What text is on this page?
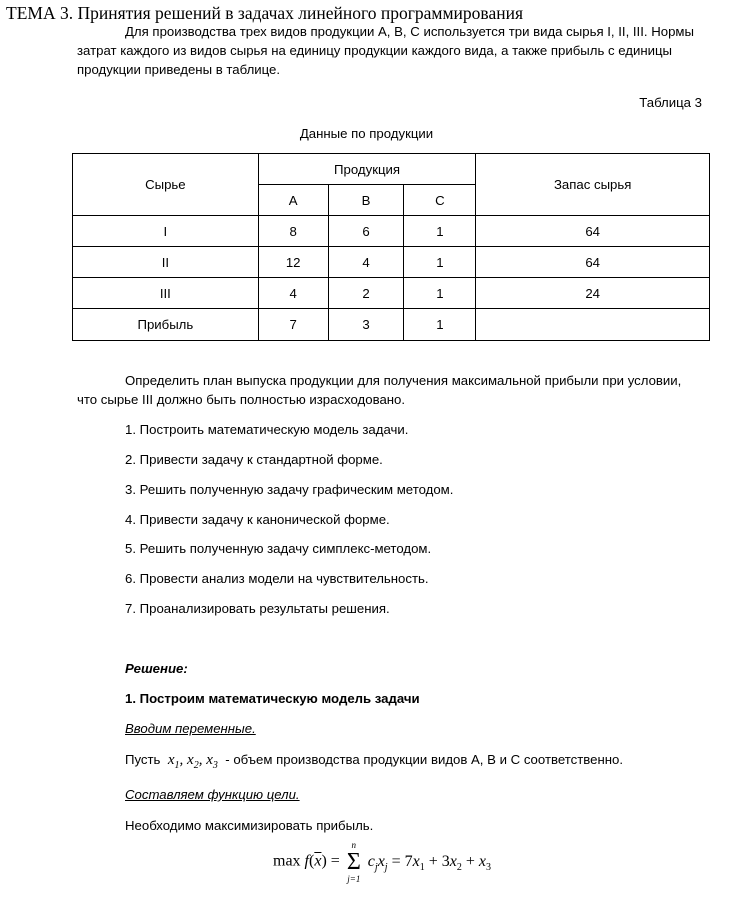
ТЕМА 3. Принятия решений в задачах линейного программирования
Для производства трех видов продукции A, B, C используется три вида сырья I, II, III. Нормы
затрат каждого из видов сырья на единицу продукции каждого вида, а также прибыль с единицы
продукции приведены в таблице.
Таблица 3
Данные по продукции
Сырье	Продукция			Запас сырья
	A	B	C	
I	8	6	1	64
II	12	4	1	64
III	4	2	1	24
Прибыль	7	3	1	
Определить план выпуска продукции для получения максимальной прибыли при условии,
что сырье III должно быть полностью израсходовано.
1. Построить математическую модель задачи.
2. Привести задачу к стандартной форме.
3. Решить полученную задачу графическим методом.
4. Привести задачу к канонической форме.
5. Решить полученную задачу симплекс-методом.
6. Провести анализ модели на чувствительность.
7. Проанализировать результаты решения.
Решение:
1. Построим математическую модель задачи
Вводим переменные.
Пусть  $x_1$, $x_2$, $x_3$ - объем производства продукции видов A, B и C соответственно.
Составляем функцию цели.
Необходимо максимизировать прибыль.
$\max f(\overline{x}) = \Sigma$
n
j=1
$c_jx_j = 7x_1 + 3x_2 + x_3$
